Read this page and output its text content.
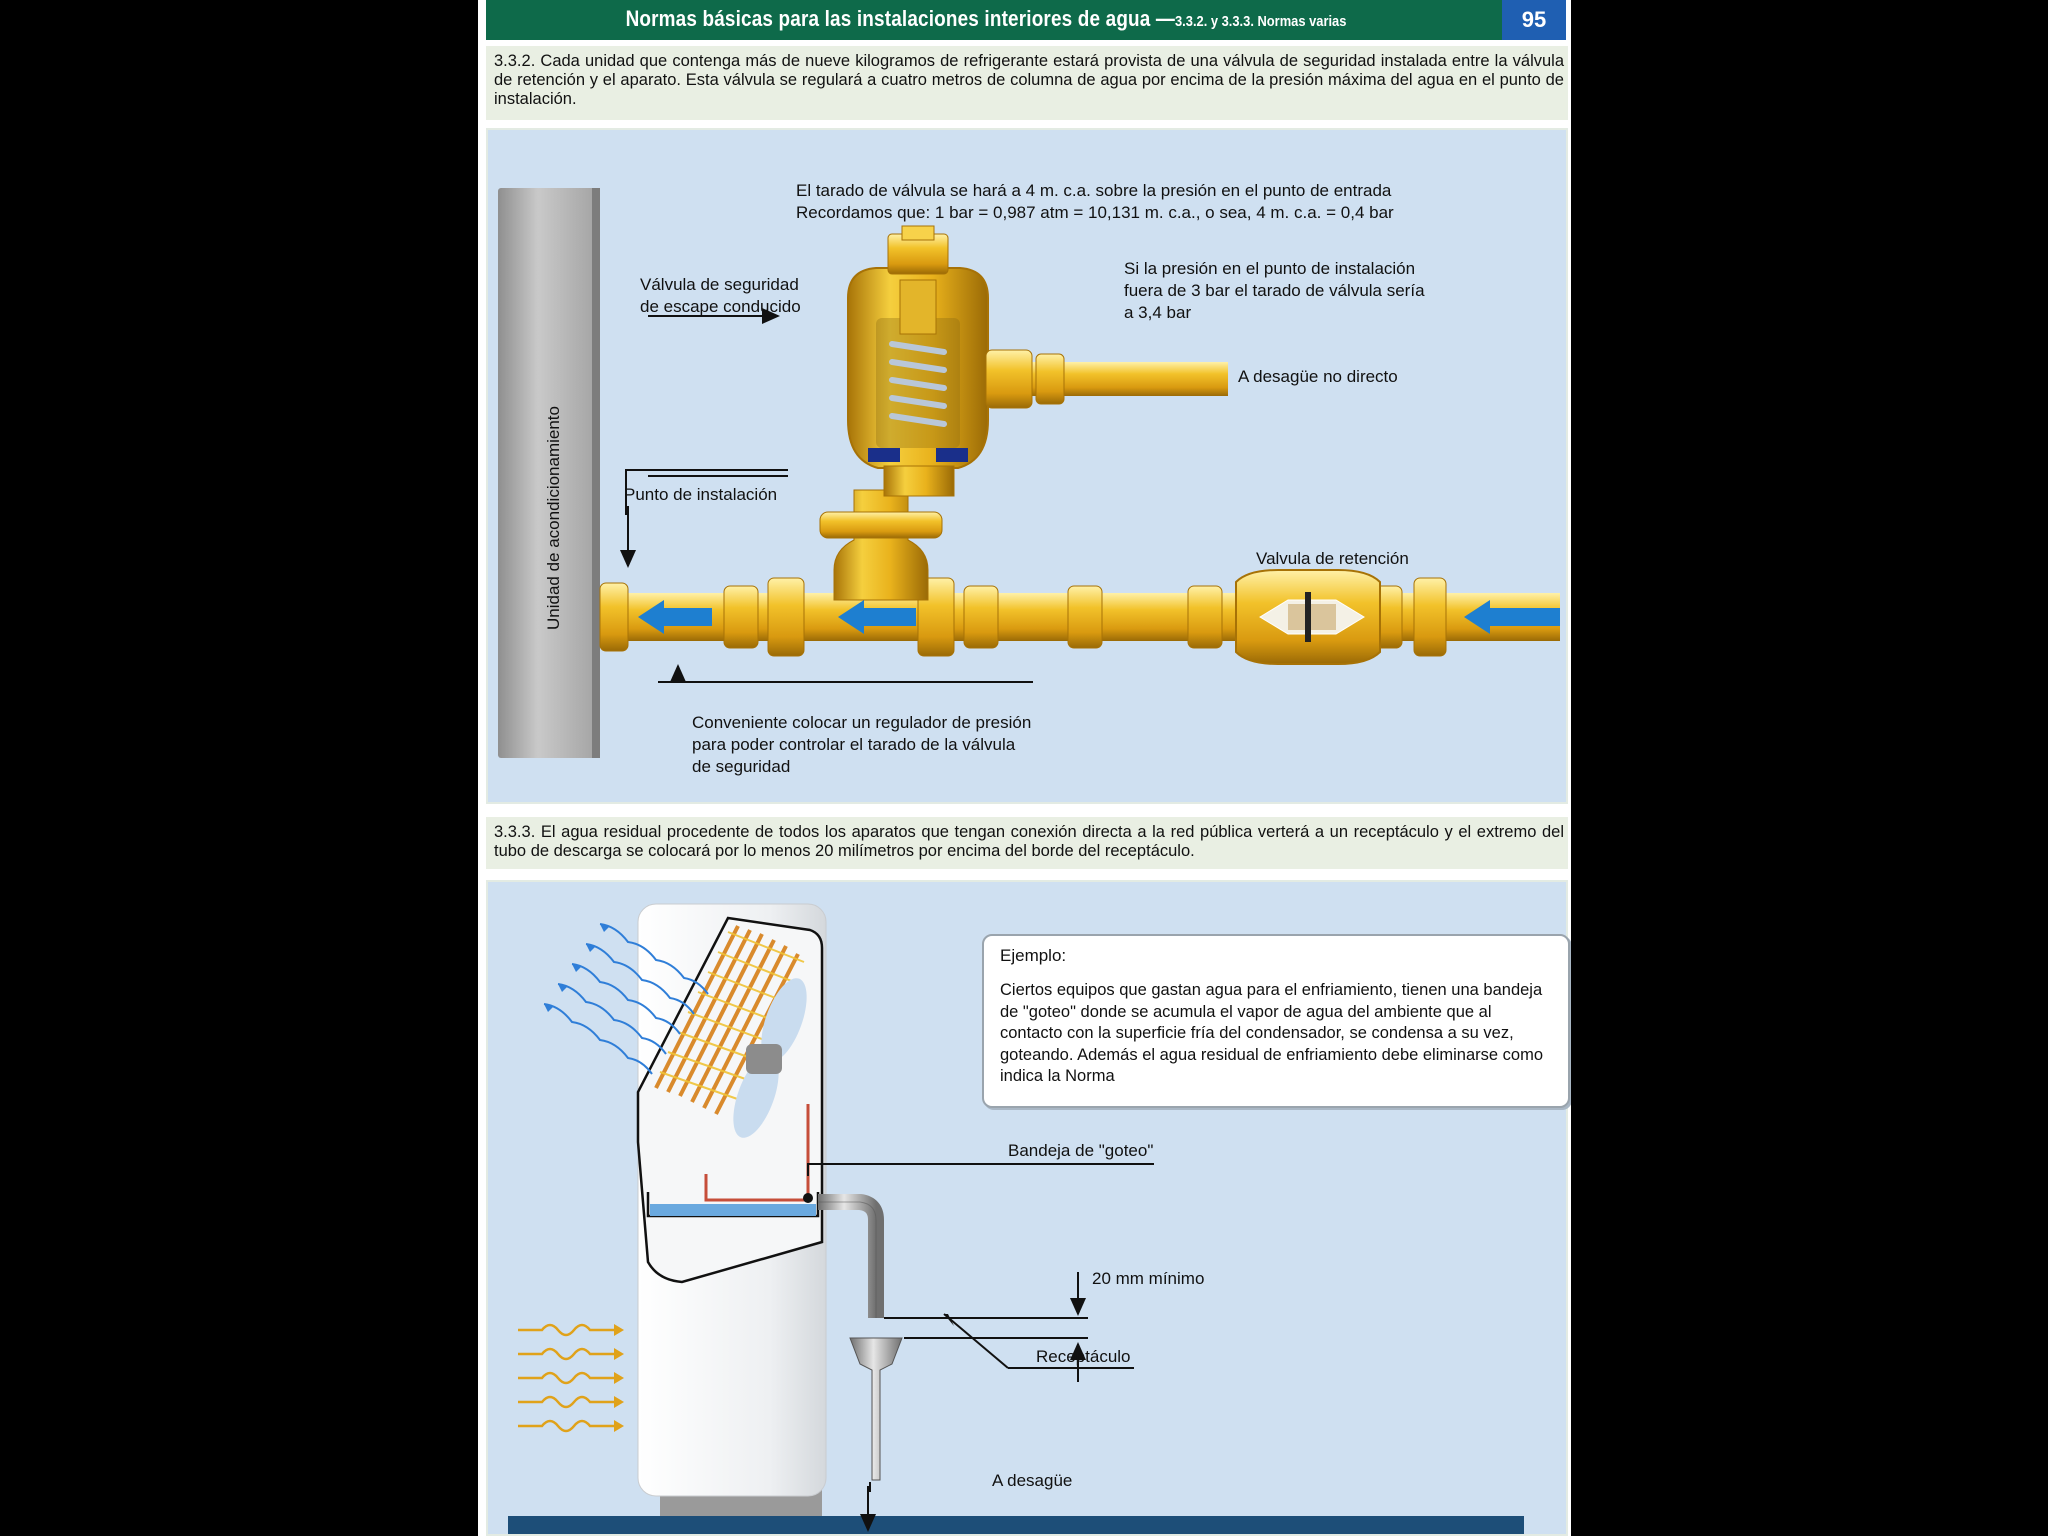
Normas básicas para las instalaciones interiores de agua —3.3.2. y 3.3.3. Normas varias	95
3.3.2. Cada unidad que contenga más de nueve kilogramos de refrigerante estará provista de una válvula de seguridad instalada entre la válvula de retención y el aparato. Esta válvula se regulará a cuatro metros de columna de agua por encima de la presión máxima del agua en el punto de instalación.
Unidad de acondicionamiento
El tarado de válvula se hará a 4 m. c.a. sobre la presión en el punto de entrada
Recordamos que: 1 bar = 0,987 atm = 10,131 m. c.a., o sea, 4 m. c.a. = 0,4 bar
Válvula de seguridad
de escape conducido
Si la presión en el punto de instalación
fuera de 3 bar el tarado de válvula sería
a 3,4 bar
A desagüe no directo
Punto de instalación
Valvula de retención
Conveniente colocar un regulador de presión
para poder controlar el tarado de la válvula
de seguridad
3.3.3. El agua residual procedente de todos los aparatos que tengan conexión directa a la red pública verterá a un receptáculo y el extremo del tubo de descarga se colocará por lo menos 20 milímetros por encima del borde del receptáculo.
Ejemplo:
Ciertos equipos que gastan agua para el enfriamiento, tienen una bandeja de "goteo" donde se acumula el vapor de agua del ambiente que al contacto con la superficie fría del condensador, se condensa a su vez, goteando. Además el agua residual de enfriamiento debe eliminarse como indica la Norma
Bandeja de "goteo"
20 mm mínimo
Receptáculo
A desagüe
